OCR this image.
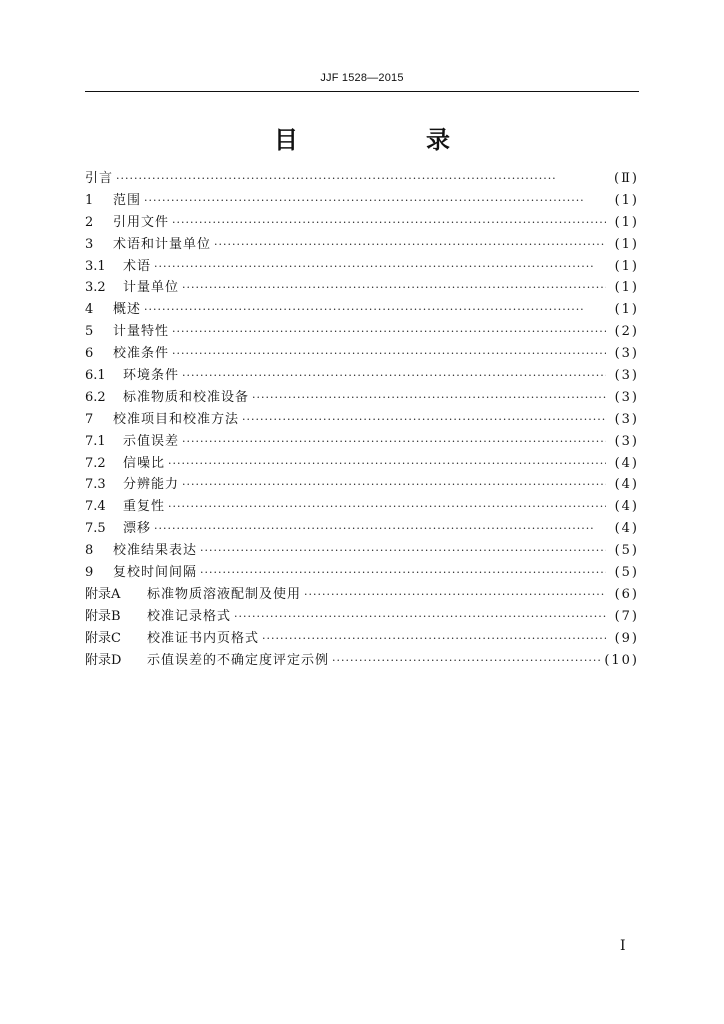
JJF 1528—2015
目　录
引言 ·····	(Ⅱ)
1	范围 ·····	(1)
2	引用文件 ·····	(1)
3	术语和计量单位 ·····	(1)
3.1	术语 ·····	(1)
3.2	计量单位 ·····	(1)
4	概述 ·····	(1)
5	计量特性 ·····	(2)
6	校准条件 ·····	(3)
6.1	环境条件 ·····	(3)
6.2	标准物质和校准设备 ·····	(3)
7	校准项目和校准方法 ·····	(3)
7.1	示值误差 ·····	(3)
7.2	信噪比 ·····	(4)
7.3	分辨能力 ·····	(4)
7.4	重复性 ·····	(4)
7.5	漂移 ·····	(4)
8	校准结果表达 ·····	(5)
9	复校时间间隔 ·····	(5)
附录A	标准物质溶液配制及使用 ·····	(6)
附录B	校准记录格式 ·····	(7)
附录C	校准证书内页格式 ·····	(9)
附录D	示值误差的不确定度评定示例 ·····	(10)
I
